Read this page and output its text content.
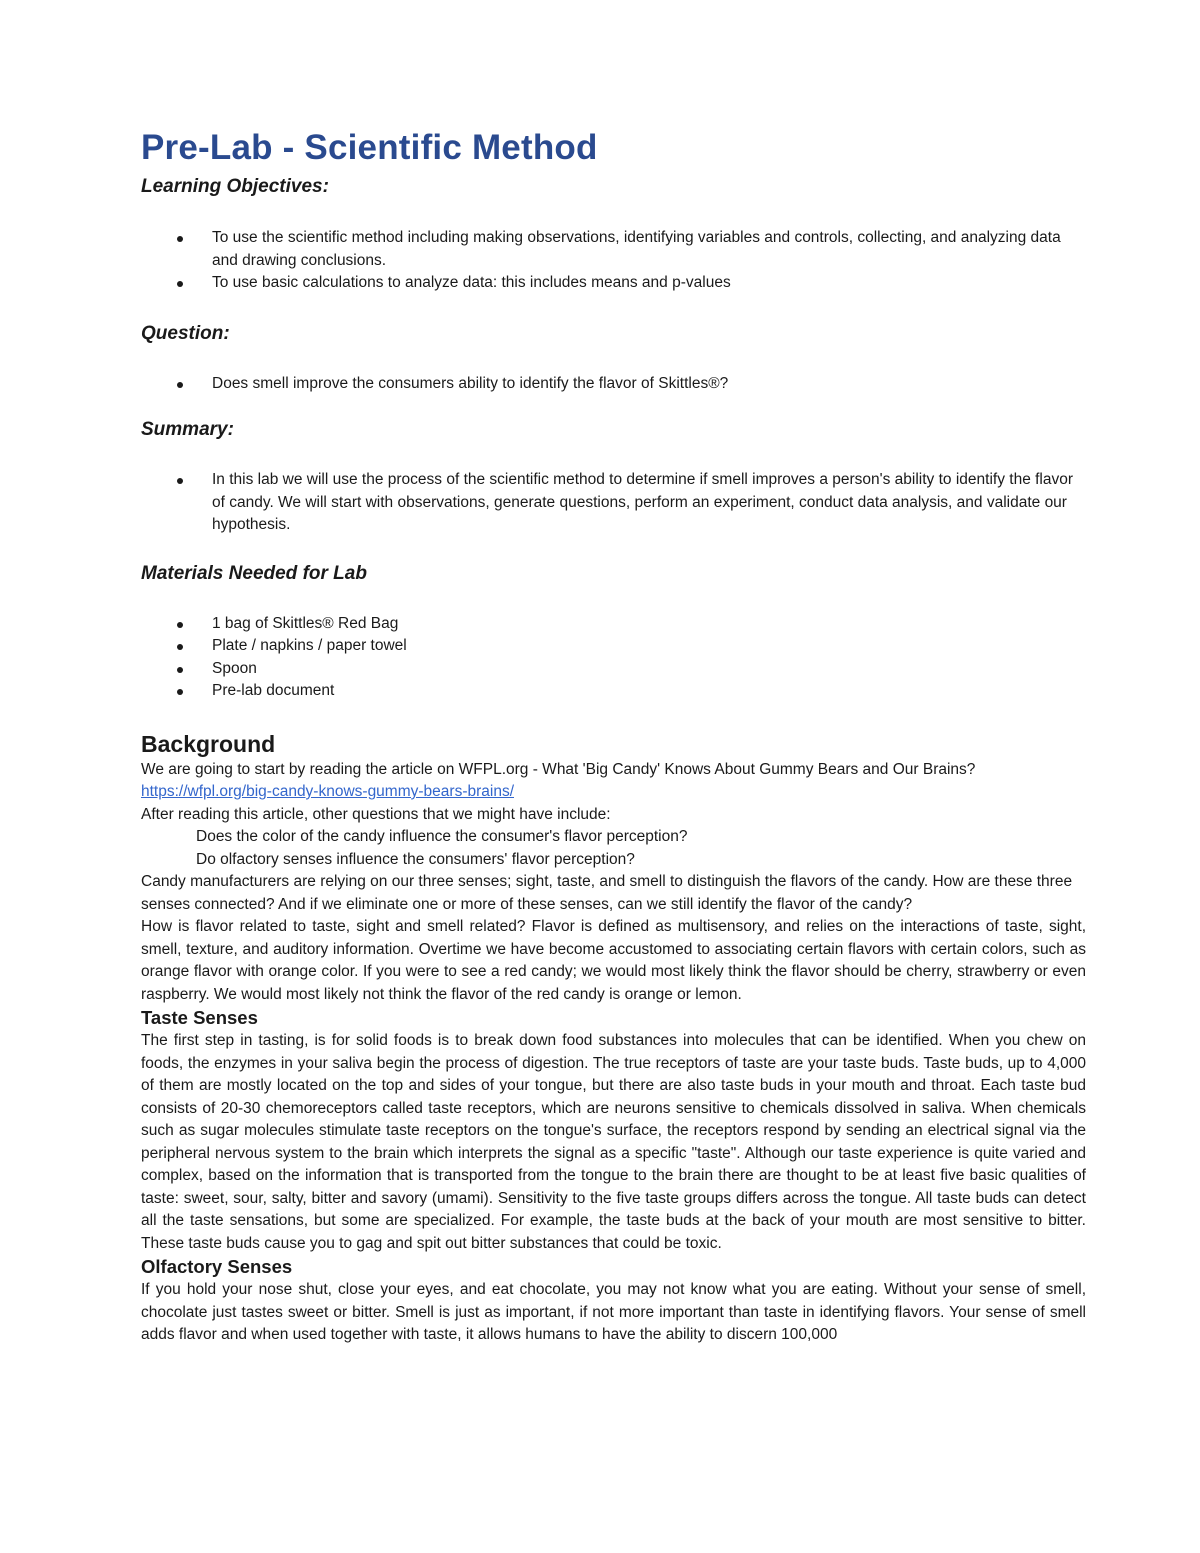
Pre-Lab - Scientific Method
Learning Objectives:
To use the scientific method including making observations, identifying variables and controls, collecting, and analyzing data and drawing conclusions.
To use basic calculations to analyze data: this includes means and p-values
Question:
Does smell improve the consumers ability to identify the flavor of Skittles®?
Summary:
In this lab we will use the process of the scientific method to determine if smell improves a person's ability to identify the flavor of candy. We will start with observations, generate questions, perform an experiment, conduct data analysis, and validate our hypothesis.
Materials Needed for Lab
1 bag of Skittles® Red Bag
Plate / napkins / paper towel
Spoon
Pre-lab document
Background

We are going to start by reading the article on WFPL.org - What 'Big Candy' Knows About Gummy Bears and Our Brains?

https://wfpl.org/big-candy-knows-gummy-bears-brains/

After reading this article, other questions that we might have include:

Does the color of the candy influence the consumer's flavor perception?

Do olfactory senses influence the consumers' flavor perception?

Candy manufacturers are relying on our three senses; sight, taste, and smell to distinguish the flavors of the candy. How are these three senses connected? And if we eliminate one or more of these senses, can we still identify the flavor of the candy?

How is flavor related to taste, sight and smell related? Flavor is defined as multisensory, and relies on the interactions of taste, sight, smell, texture, and auditory information. Overtime we have become accustomed to associating certain flavors with certain colors, such as orange flavor with orange color. If you were to see a red candy; we would most likely think the flavor should be cherry, strawberry or even raspberry. We would most likely not think the flavor of the red candy is orange or lemon.

Taste Senses

The first step in tasting, is for solid foods is to break down food substances into molecules that can be identified. When you chew on foods, the enzymes in your saliva begin the process of digestion. The true receptors of taste are your taste buds. Taste buds, up to 4,000 of them are mostly located on the top and sides of your tongue, but there are also taste buds in your mouth and throat. Each taste bud consists of 20-30 chemoreceptors called taste receptors, which are neurons sensitive to chemicals dissolved in saliva. When chemicals such as sugar molecules stimulate taste receptors on the tongue's surface, the receptors respond by sending an electrical signal via the peripheral nervous system to the brain which interprets the signal as a specific "taste". Although our taste experience is quite varied and complex, based on the information that is transported from the tongue to the brain there are thought to be at least five basic qualities of taste: sweet, sour, salty, bitter and savory (umami). Sensitivity to the five taste groups differs across the tongue. All taste buds can detect all the taste sensations, but some are specialized. For example, the taste buds at the back of your mouth are most sensitive to bitter. These taste buds cause you to gag and spit out bitter substances that could be toxic.

Olfactory Senses

If you hold your nose shut, close your eyes, and eat chocolate, you may not know what you are eating. Without your sense of smell, chocolate just tastes sweet or bitter. Smell is just as important, if not more important than taste in identifying flavors. Your sense of smell adds flavor and when used together with taste, it allows humans to have the ability to discern 100,000
